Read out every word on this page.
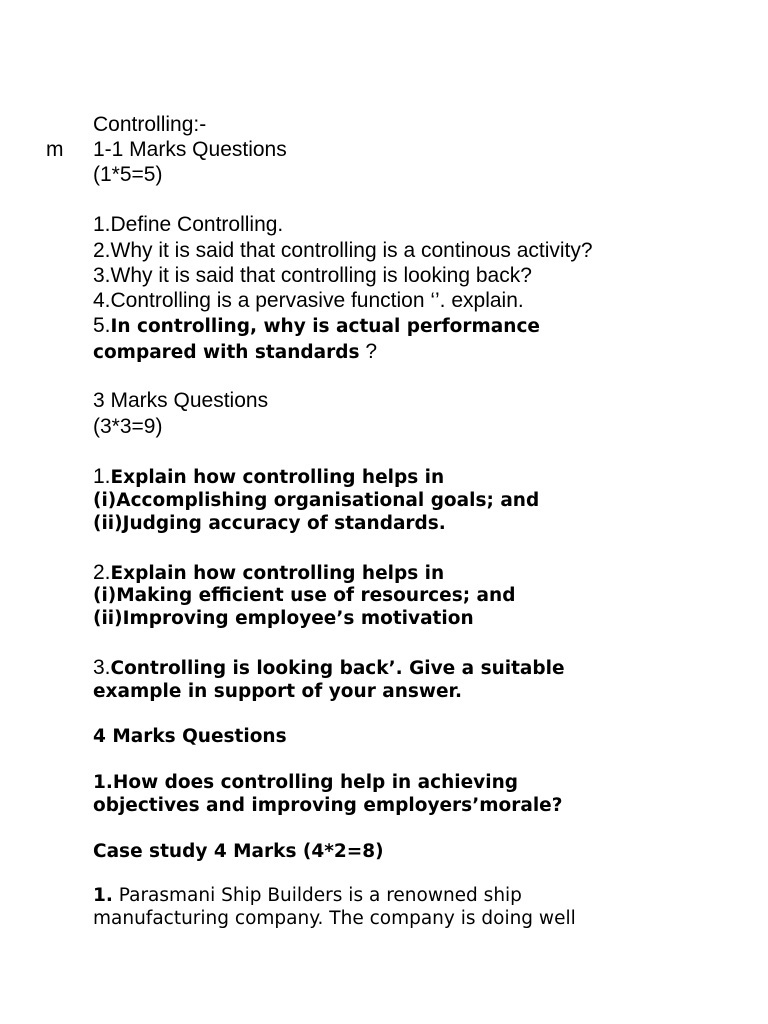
Controlling:-

m 1-1 Marks Questions

(1*5=5)

1.Define Controlling.

2.Why it is said that controlling is a continous activity?

3.Why it is said that controlling is looking back?

4.Controlling is a pervasive function ‘’. explain.

5.In controlling, why is actual performance

compared with standards ?

3 Marks Questions

(3*3=9)

1.Explain how controlling helps in

(i)Accomplishing organisational goals; and

(ii)Judging accuracy of standards.

2.Explain how controlling helps in

(i)Making efficient use of resources; and

(ii)Improving employee’s motivation

3.Controlling is looking back’. Give a suitable

example in support of your answer.

4 Marks Questions

1.How does controlling help in achieving

objectives and improving employers’morale?

Case study 4 Marks (4*2=8)

1. Parasmani Ship Builders is a renowned ship

manufacturing company. The company is doing well
